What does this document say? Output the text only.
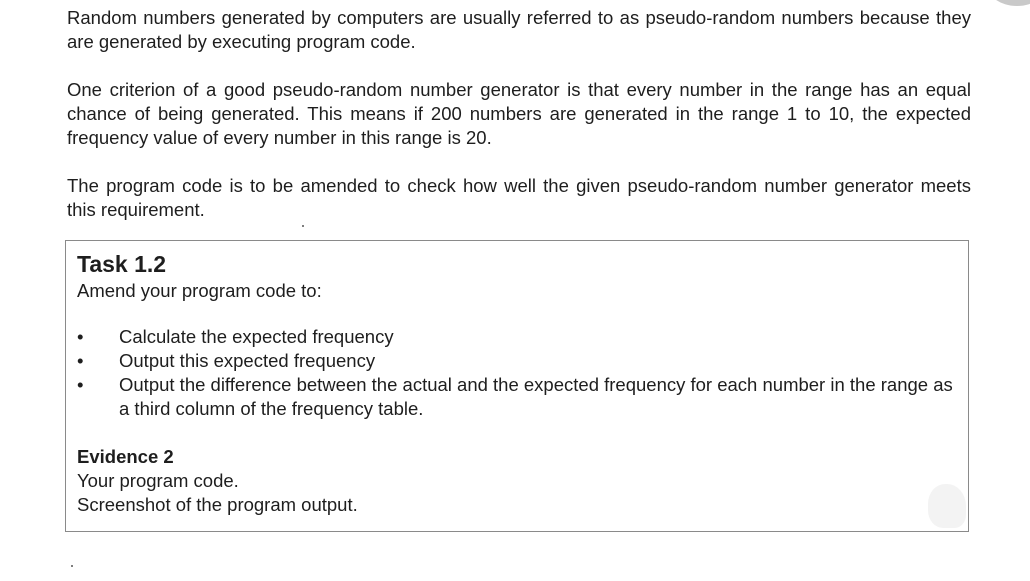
Random numbers generated by computers are usually referred to as pseudo-random numbers because they are generated by executing program code.

One criterion of a good pseudo-random number generator is that every number in the range has an equal chance of being generated. This means if 200 numbers are generated in the range 1 to 10, the expected frequency value of every number in this range is 20.

The program code is to be amended to check how well the given pseudo-random number generator meets this requirement.

Task 1.2

Amend your program code to:

• Calculate the expected frequency
• Output this expected frequency
• Output the difference between the actual and the expected frequency for each number in the range as a third column of the frequency table.

Evidence 2

Your program code.

Screenshot of the program output.
